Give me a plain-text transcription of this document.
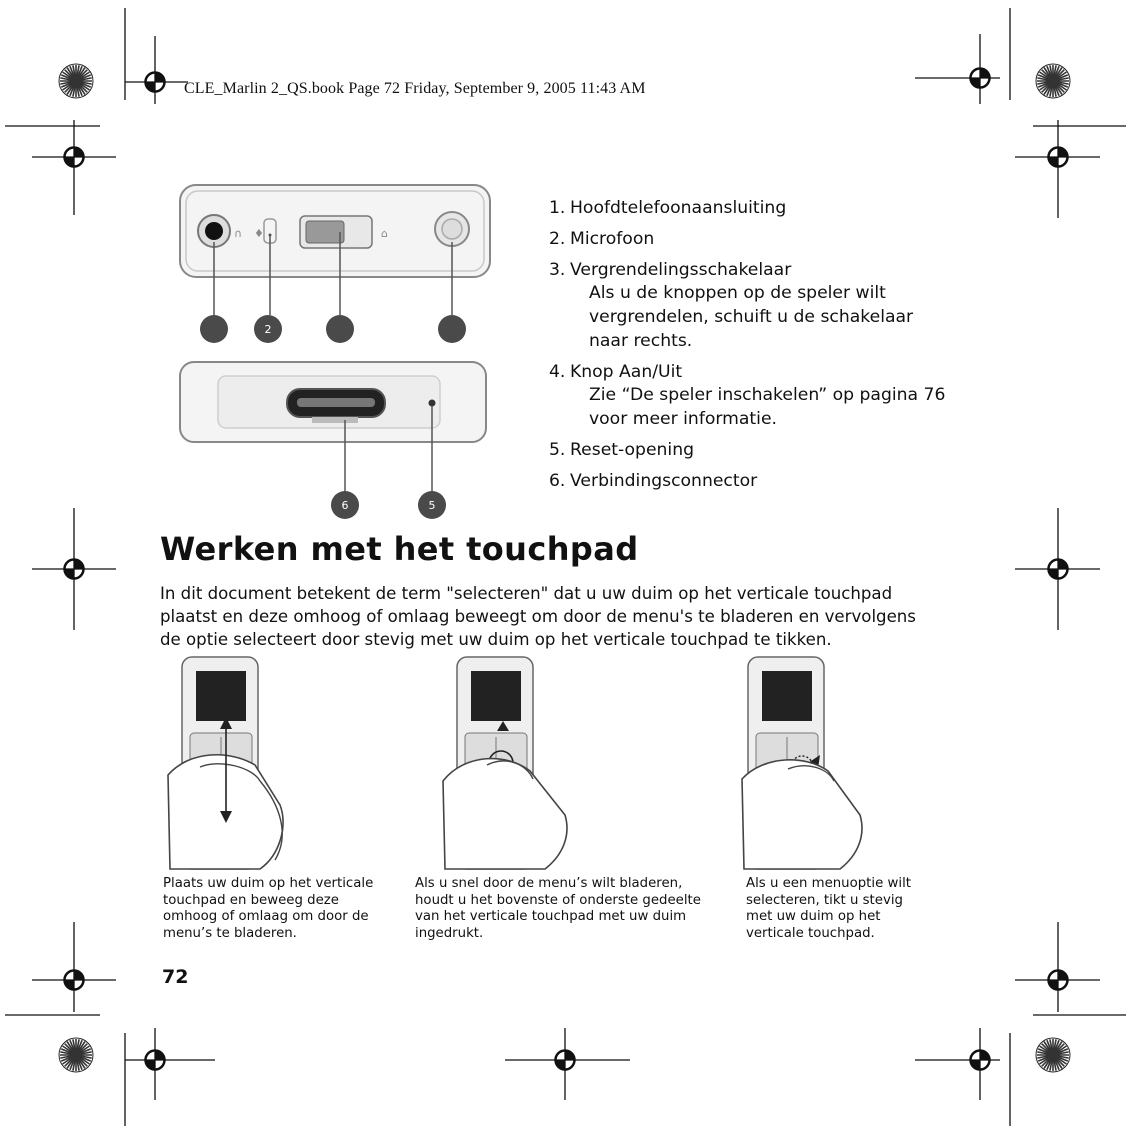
CLE_Marlin 2_QS.book Page 72 Friday, September 9, 2005 11:43 AM
∩ ♦	⌂
1	2	3	4
6	5
1. Hoofdtelefoonaansluiting
2. Microfoon
3. Vergrendelingsschakelaar
Als u de knoppen op de speler wilt vergrendelen, schuift u de schakelaar naar rechts.
4. Knop Aan/Uit
Zie “De speler inschakelen” op pagina 76 voor meer informatie.
5. Reset-opening
6. Verbindingsconnector
Werken met het touchpad

In dit document betekent de term "selecteren" dat u uw duim op het verticale touchpad plaatst en deze omhoog of omlaag beweegt om door de menu's te bladeren en vervolgens de optie selecteert door stevig met uw duim op het verticale touchpad te tikken.

Plaats uw duim op het verticale touchpad en beweeg deze omhoog of omlaag om door de menu’s te bladeren.

Als u snel door de menu’s wilt bladeren, houdt u het bovenste of onderste gedeelte van het verticale touchpad met uw duim ingedrukt.

Als u een menuoptie wilt selecteren, tikt u stevig met uw duim op het verticale touchpad.

72
